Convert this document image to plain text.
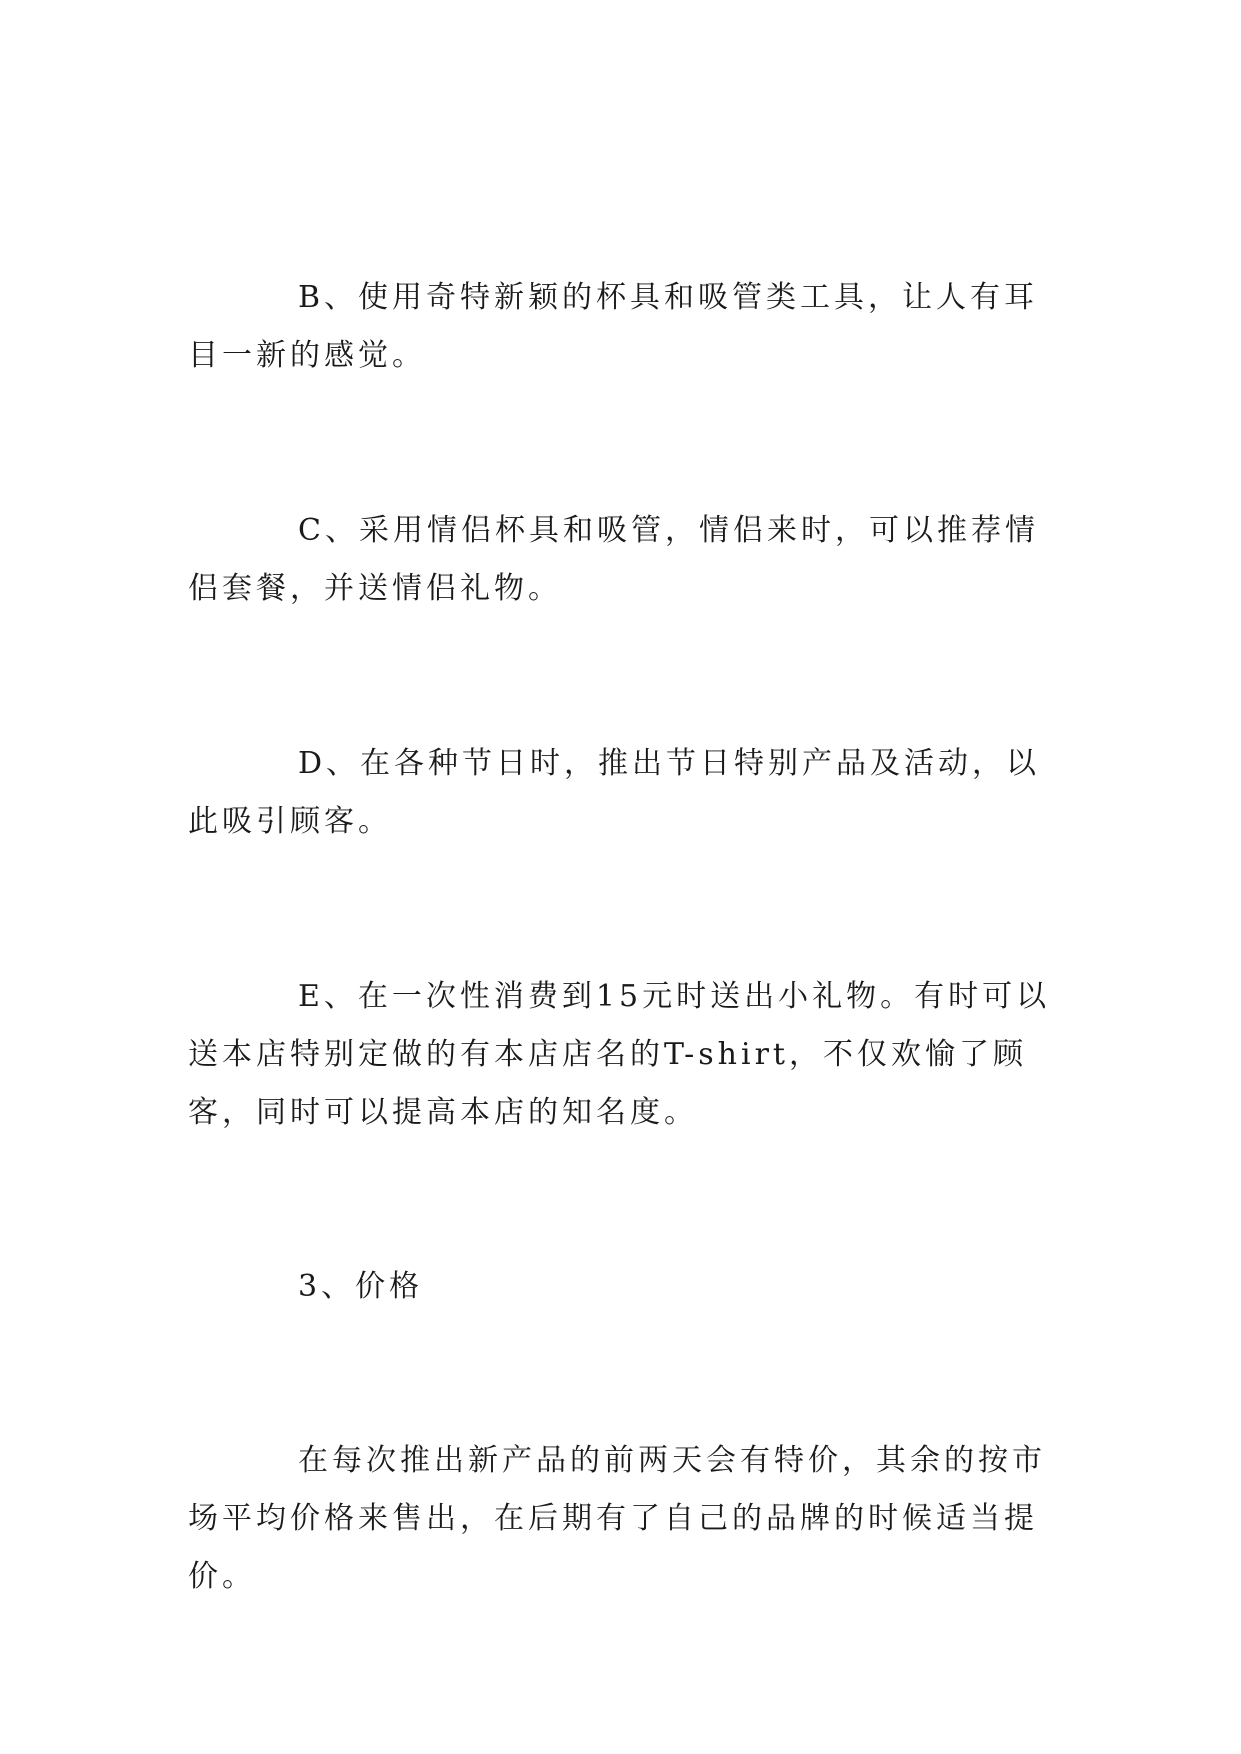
B、使用奇特新颖的杯具和吸管类工具，让人有耳目一新的感觉。

C、采用情侣杯具和吸管，情侣来时，可以推荐情侣套餐，并送情侣礼物。

D、在各种节日时，推出节日特别产品及活动，以此吸引顾客。

E、在一次性消费到15元时送出小礼物。有时可以送本店特别定做的有本店店名的T-shirt，不仅欢愉了顾客，同时可以提高本店的知名度。

3、价格

在每次推出新产品的前两天会有特价，其余的按市场平均价格来售出，在后期有了自己的品牌的时候适当提价。
